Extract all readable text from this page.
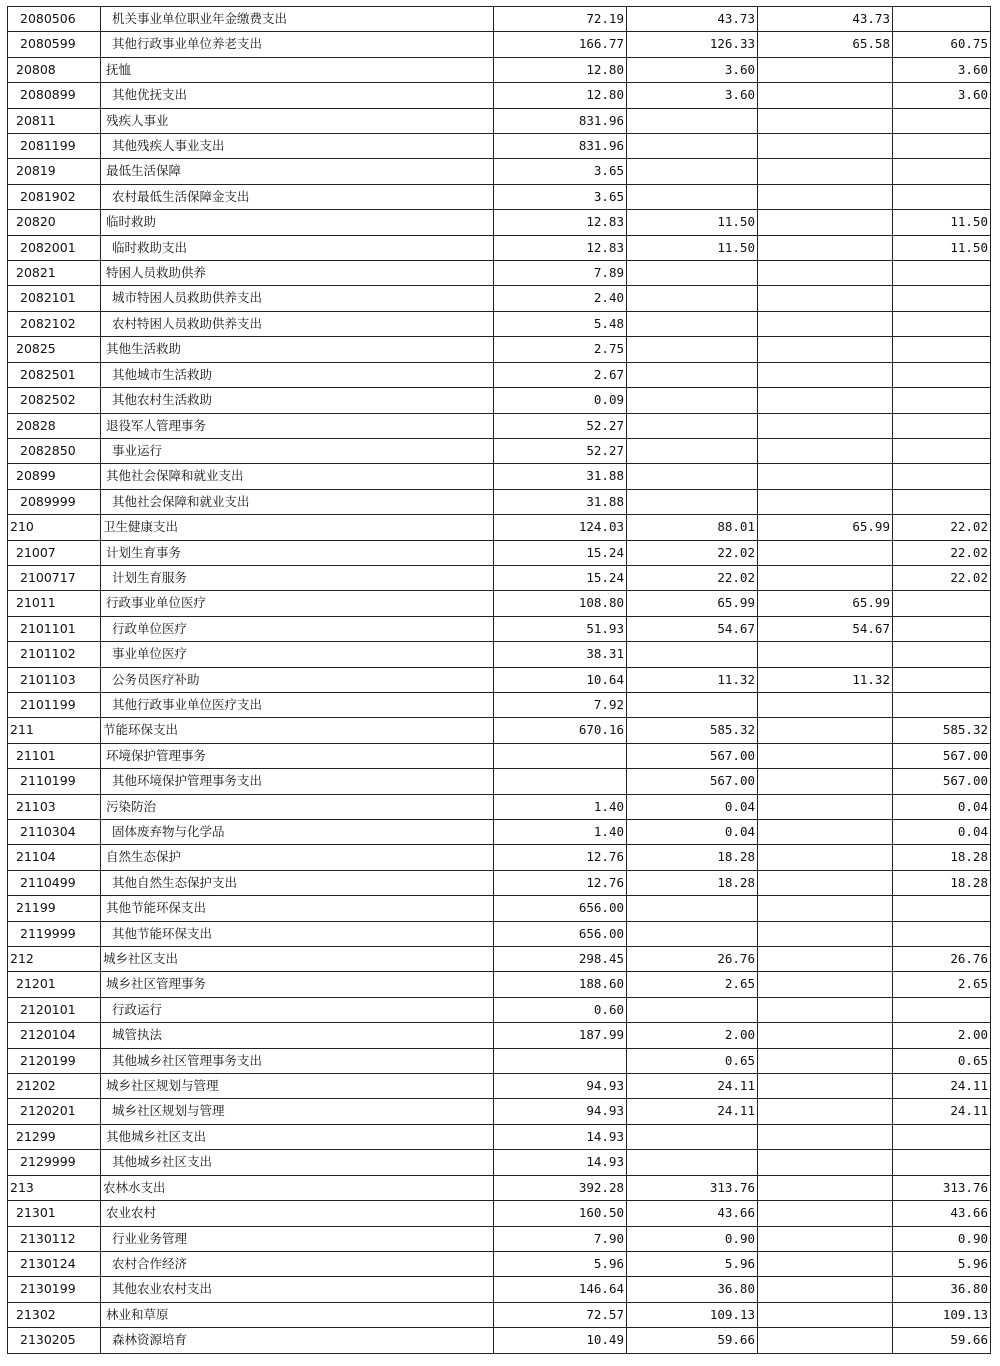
2080506	机关事业单位职业年金缴费支出	72.19	43.73	43.73	
2080599	其他行政事业单位养老支出	166.77	126.33	65.58	60.75
20808	抚恤	12.80	3.60		3.60
2080899	其他优抚支出	12.80	3.60		3.60
20811	残疾人事业	831.96			
2081199	其他残疾人事业支出	831.96			
20819	最低生活保障	3.65			
2081902	农村最低生活保障金支出	3.65			
20820	临时救助	12.83	11.50		11.50
2082001	临时救助支出	12.83	11.50		11.50
20821	特困人员救助供养	7.89			
2082101	城市特困人员救助供养支出	2.40			
2082102	农村特困人员救助供养支出	5.48			
20825	其他生活救助	2.75			
2082501	其他城市生活救助	2.67			
2082502	其他农村生活救助	0.09			
20828	退役军人管理事务	52.27			
2082850	事业运行	52.27			
20899	其他社会保障和就业支出	31.88			
2089999	其他社会保障和就业支出	31.88			
210	卫生健康支出	124.03	88.01	65.99	22.02
21007	计划生育事务	15.24	22.02		22.02
2100717	计划生育服务	15.24	22.02		22.02
21011	行政事业单位医疗	108.80	65.99	65.99	
2101101	行政单位医疗	51.93	54.67	54.67	
2101102	事业单位医疗	38.31			
2101103	公务员医疗补助	10.64	11.32	11.32	
2101199	其他行政事业单位医疗支出	7.92			
211	节能环保支出	670.16	585.32		585.32
21101	环境保护管理事务		567.00		567.00
2110199	其他环境保护管理事务支出		567.00		567.00
21103	污染防治	1.40	0.04		0.04
2110304	固体废弃物与化学品	1.40	0.04		0.04
21104	自然生态保护	12.76	18.28		18.28
2110499	其他自然生态保护支出	12.76	18.28		18.28
21199	其他节能环保支出	656.00			
2119999	其他节能环保支出	656.00			
212	城乡社区支出	298.45	26.76		26.76
21201	城乡社区管理事务	188.60	2.65		2.65
2120101	行政运行	0.60			
2120104	城管执法	187.99	2.00		2.00
2120199	其他城乡社区管理事务支出		0.65		0.65
21202	城乡社区规划与管理	94.93	24.11		24.11
2120201	城乡社区规划与管理	94.93	24.11		24.11
21299	其他城乡社区支出	14.93			
2129999	其他城乡社区支出	14.93			
213	农林水支出	392.28	313.76		313.76
21301	农业农村	160.50	43.66		43.66
2130112	行业业务管理	7.90	0.90		0.90
2130124	农村合作经济	5.96	5.96		5.96
2130199	其他农业农村支出	146.64	36.80		36.80
21302	林业和草原	72.57	109.13		109.13
2130205	森林资源培育	10.49	59.66		59.66
